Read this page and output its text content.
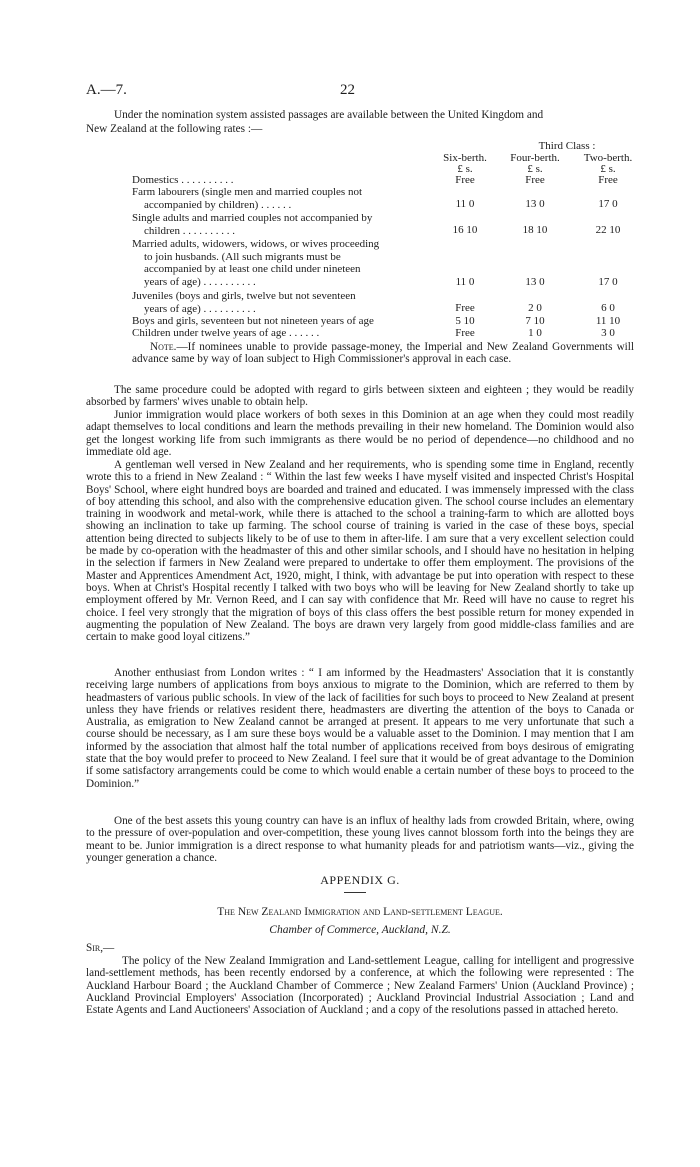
A.—7.	22

Under the nomination system assisted passages are available between the United Kingdom and

New Zealand at the following rates :—

Third Class :
Six-berth.	Four-berth.	Two-berth.
£ s.	£ s.	£ s.
Domestics . . . . . . . . . .	Free	Free	Free
Farm labourers (single men and married couples not
accompanied by children) . . . . . .	11 0	13 0	17 0
Single adults and married couples not accompanied by
children . . . . . . . . . .	16 10	18 10	22 10
Married adults, widowers, widows, or wives proceeding
to join husbands. (All such migrants must be
accompanied by at least one child under nineteen
years of age) . . . . . . . . . .	11 0	13 0	17 0
Juveniles (boys and girls, twelve but not seventeen
years of age) . . . . . . . . . .	Free	2 0	6 0
Boys and girls, seventeen but not nineteen years of age	5 10	7 10	11 10
Children under twelve years of age . . . . . .	Free	1 0	3 0

Note.—If nominees unable to provide passage-money, the Imperial and New Zealand Governments will advance same by way of loan subject to High Commissioner's approval in each case.

The same procedure could be adopted with regard to girls between sixteen and eighteen ; they would be readily absorbed by farmers' wives unable to obtain help.

Junior immigration would place workers of both sexes in this Dominion at an age when they could most readily adapt themselves to local conditions and learn the methods prevailing in their new homeland. The Dominion would also get the longest working life from such immigrants as there would be no period of dependence—no childhood and no immediate old age.

A gentleman well versed in New Zealand and her requirements, who is spending some time in England, recently wrote this to a friend in New Zealand : “ Within the last few weeks I have myself visited and inspected Christ's Hospital Boys' School, where eight hundred boys are boarded and trained and educated. I was immensely impressed with the class of boy attending this school, and also with the comprehensive education given. The school course includes an elementary training in woodwork and metal-work, while there is attached to the school a training-farm to which are allotted boys showing an inclination to take up farming. The school course of training is varied in the case of these boys, special attention being directed to subjects likely to be of use to them in after-life. I am sure that a very excellent selection could be made by co-operation with the headmaster of this and other similar schools, and I should have no hesitation in helping in the selection if farmers in New Zealand were prepared to undertake to offer them employment. The provisions of the Master and Apprentices Amendment Act, 1920, might, I think, with advantage be put into operation with respect to these boys. When at Christ's Hospital recently I talked with two boys who will be leaving for New Zealand shortly to take up employment offered by Mr. Vernon Reed, and I can say with confidence that Mr. Reed will have no cause to regret his choice. I feel very strongly that the migration of boys of this class offers the best possible return for money expended in augmenting the population of New Zealand. The boys are drawn very largely from good middle-class families and are certain to make good loyal citizens.”

Another enthusiast from London writes : “ I am informed by the Headmasters' Association that it is constantly receiving large numbers of applications from boys anxious to migrate to the Dominion, which are referred to them by headmasters of various public schools. In view of the lack of facilities for such boys to proceed to New Zealand at present unless they have friends or relatives resident there, headmasters are diverting the attention of the boys to Canada or Australia, as emigration to New Zealand cannot be arranged at present. It appears to me very unfortunate that such a course should be necessary, as I am sure these boys would be a valuable asset to the Dominion. I may mention that I am informed by the association that almost half the total number of applications received from boys desirous of emigrating state that the boy would prefer to proceed to New Zealand. I feel sure that it would be of great advantage to the Dominion if some satisfactory arrangements could be come to which would enable a certain number of these boys to proceed to the Dominion.”

One of the best assets this young country can have is an influx of healthy lads from crowded Britain, where, owing to the pressure of over-population and over-competition, these young lives cannot blossom forth into the beings they are meant to be. Junior immigration is a direct response to what humanity pleads for and patriotism wants—viz., giving the younger generation a chance.

APPENDIX G.
The New Zealand Immigration and Land-settlement League.
Chamber of Commerce, Auckland, N.Z.

Sir,—

The policy of the New Zealand Immigration and Land-settlement League, calling for intelligent and progressive land-settlement methods, has been recently endorsed by a conference, at which the following were represented : The Auckland Harbour Board ; the Auckland Chamber of Commerce ; New Zealand Farmers' Union (Auckland Province) ; Auckland Provincial Employers' Association (Incorporated) ; Auckland Provincial Industrial Association ; Land and Estate Agents and Land Auctioneers' Association of Auckland ; and a copy of the resolutions passed in attached hereto.
